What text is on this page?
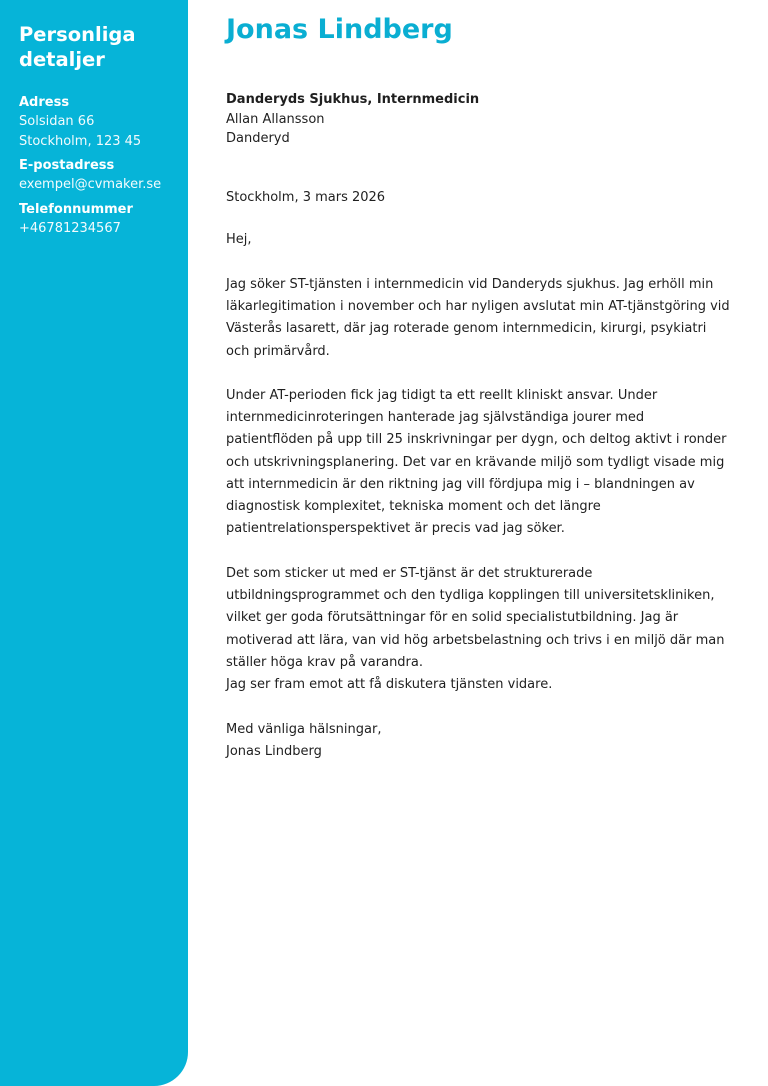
Personliga detaljer

Adress

Solsidan 66

Stockholm, 123 45

E-postadress

exempel@cvmaker.se

Telefonnummer

+46781234567

Jonas Lindberg
Danderyds Sjukhus, Internmedicin
Allan Allansson
Danderyd
Stockholm, 3 mars 2026
Hej,

Jag söker ST-tjänsten i internmedicin vid Danderyds sjukhus. Jag erhöll min läkarlegitimation i november och har nyligen avslutat min AT-tjänstgöring vid Västerås lasarett, där jag roterade genom internmedicin, kirurgi, psykiatri och primärvård.

Under AT-perioden fick jag tidigt ta ett reellt kliniskt ansvar. Under internmedicinroteringen hanterade jag självständiga jourer med patientflöden på upp till 25 inskrivningar per dygn, och deltog aktivt i ronder och utskrivningsplanering. Det var en krävande miljö som tydligt visade mig att internmedicin är den riktning jag vill fördjupa mig i – blandningen av diagnostisk komplexitet, tekniska moment och det längre patientrelationsperspektivet är precis vad jag söker.

Det som sticker ut med er ST-tjänst är det strukturerade utbildningsprogrammet och den tydliga kopplingen till universitetskliniken, vilket ger goda förutsättningar för en solid specialistutbildning. Jag är motiverad att lära, van vid hög arbetsbelastning och trivs i en miljö där man ställer höga krav på varandra.

Jag ser fram emot att få diskutera tjänsten vidare.

Med vänliga hälsningar,
Jonas Lindberg
